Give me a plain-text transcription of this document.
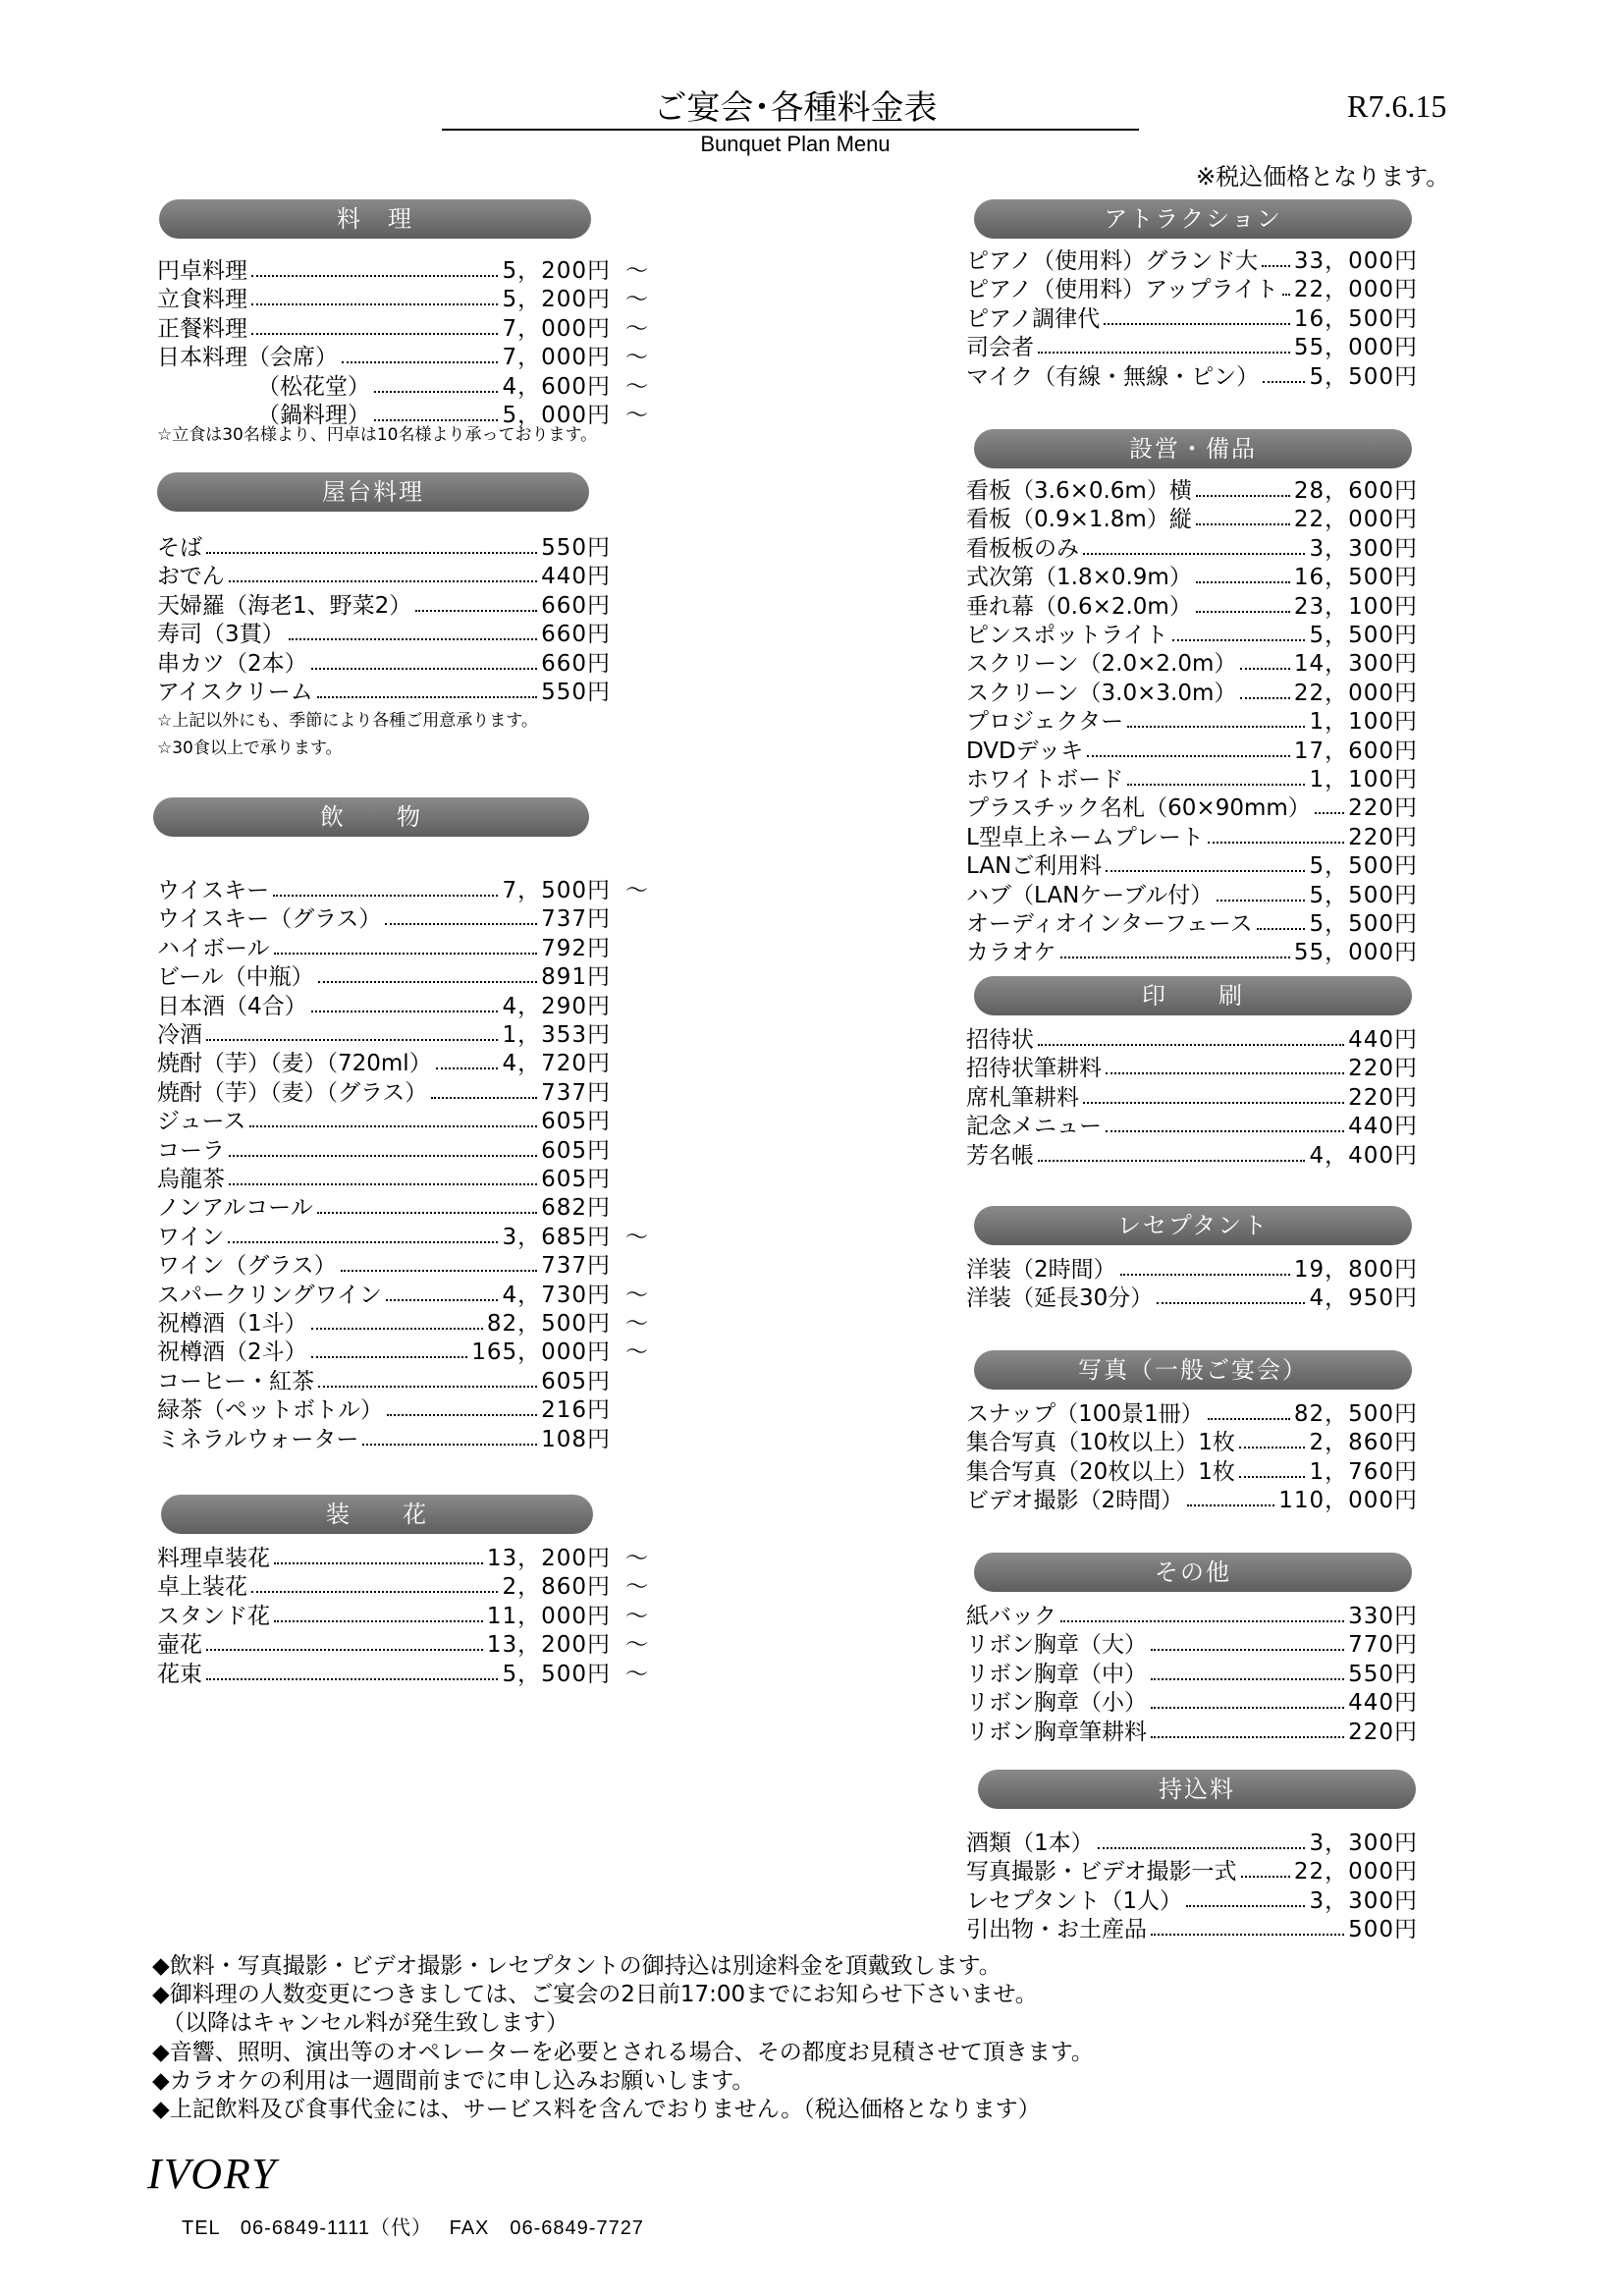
ご宴会･各種料金表
Bunquet Plan Menu
R7.6.15
※税込価格となります。
料　理
円卓料理	5，200円 ～
立食料理	5，200円 ～
正餐料理	7，000円 ～
日本料理（会席）	7，000円 ～
（松花堂）	4，600円 ～
（鍋料理）	5，000円 ～
☆立食は30名様より、円卓は10名様より承っております。
屋台料理
そば	550円
おでん	440円
天婦羅（海老1、野菜2）	660円
寿司（3貫）	660円
串カツ（2本）	660円
アイスクリーム	550円
☆上記以外にも、季節により各種ご用意承ります。
☆30食以上で承ります。
飲　　物
ウイスキー	7，500円 ～
ウイスキー（グラス）	737円
ハイボール	792円
ビール（中瓶）	891円
日本酒（4合）	4，290円
冷酒	1，353円
焼酎（芋）（麦）（720ml）	4，720円
焼酎（芋）（麦）（グラス）	737円
ジュース	605円
コーラ	605円
烏龍茶	605円
ノンアルコール	682円
ワイン	3，685円 ～
ワイン（グラス）	737円
スパークリングワイン	4，730円 ～
祝樽酒（1斗）	82，500円 ～
祝樽酒（2斗）	165，000円 ～
コーヒー・紅茶	605円
緑茶（ペットボトル）	216円
ミネラルウォーター	108円
装　　花
料理卓装花	13，200円 ～
卓上装花	2，860円 ～
スタンド花	11，000円 ～
壷花	13，200円 ～
花束	5，500円 ～
アトラクション
ピアノ（使用料）グランド大 33，000円
ピアノ（使用料）アップライト 22，000円
ピアノ調律代	16，500円
司会者	55，000円
マイク（有線・無線・ピン） 5，500円
設営・備品
看板（3.6×0.6m）横	28，600円
看板（0.9×1.8m）縦	22，000円
看板板のみ	3，300円
式次第（1.8×0.9m）	16，500円
垂れ幕（0.6×2.0m）	23，100円
ピンスポットライト	5，500円
スクリーン（2.0×2.0m）	14，300円
スクリーン（3.0×3.0m）	22，000円
プロジェクター	1，100円
DVDデッキ	17，600円
ホワイトボード	1，100円
プラスチック名札（60×90mm） 220円
L型卓上ネームプレート	220円
LANご利用料	5，500円
ハブ（LANケーブル付）	5，500円
オーディオインターフェース	5，500円
カラオケ	55，000円
印　　刷
招待状	440円
招待状筆耕料	220円
席札筆耕料	220円
記念メニュー	440円
芳名帳	4，400円
レセプタント
洋装（2時間）	19，800円
洋装（延長30分）	4，950円
写真（一般ご宴会）
スナップ（100景1冊）	82，500円
集合写真（10枚以上）1枚	2，860円
集合写真（20枚以上）1枚	1，760円
ビデオ撮影（2時間）	110，000円
その他
紙バック	330円
リボン胸章（大）	770円
リボン胸章（中）	550円
リボン胸章（小）	440円
リボン胸章筆耕料	220円
持込料
酒類（1本）	3，300円
写真撮影・ビデオ撮影一式	22，000円
レセプタント（1人）	3，300円
引出物・お土産品	500円
◆飲料・写真撮影・ビデオ撮影・レセプタントの御持込は別途料金を頂戴致します。
◆御料理の人数変更につきましては、ご宴会の2日前17:00までにお知らせ下さいませ。
（以降はキャンセル料が発生致します）
◆音響、照明、演出等のオペレーターを必要とされる場合、その都度お見積させて頂きます。
◆カラオケの利用は一週間前までに申し込みお願いします。
◆上記飲料及び食事代金には、サービス料を含んでおりません。（税込価格となります）
IVORY
TEL　06-6849-1111（代）　 FAX　06-6849-7727
